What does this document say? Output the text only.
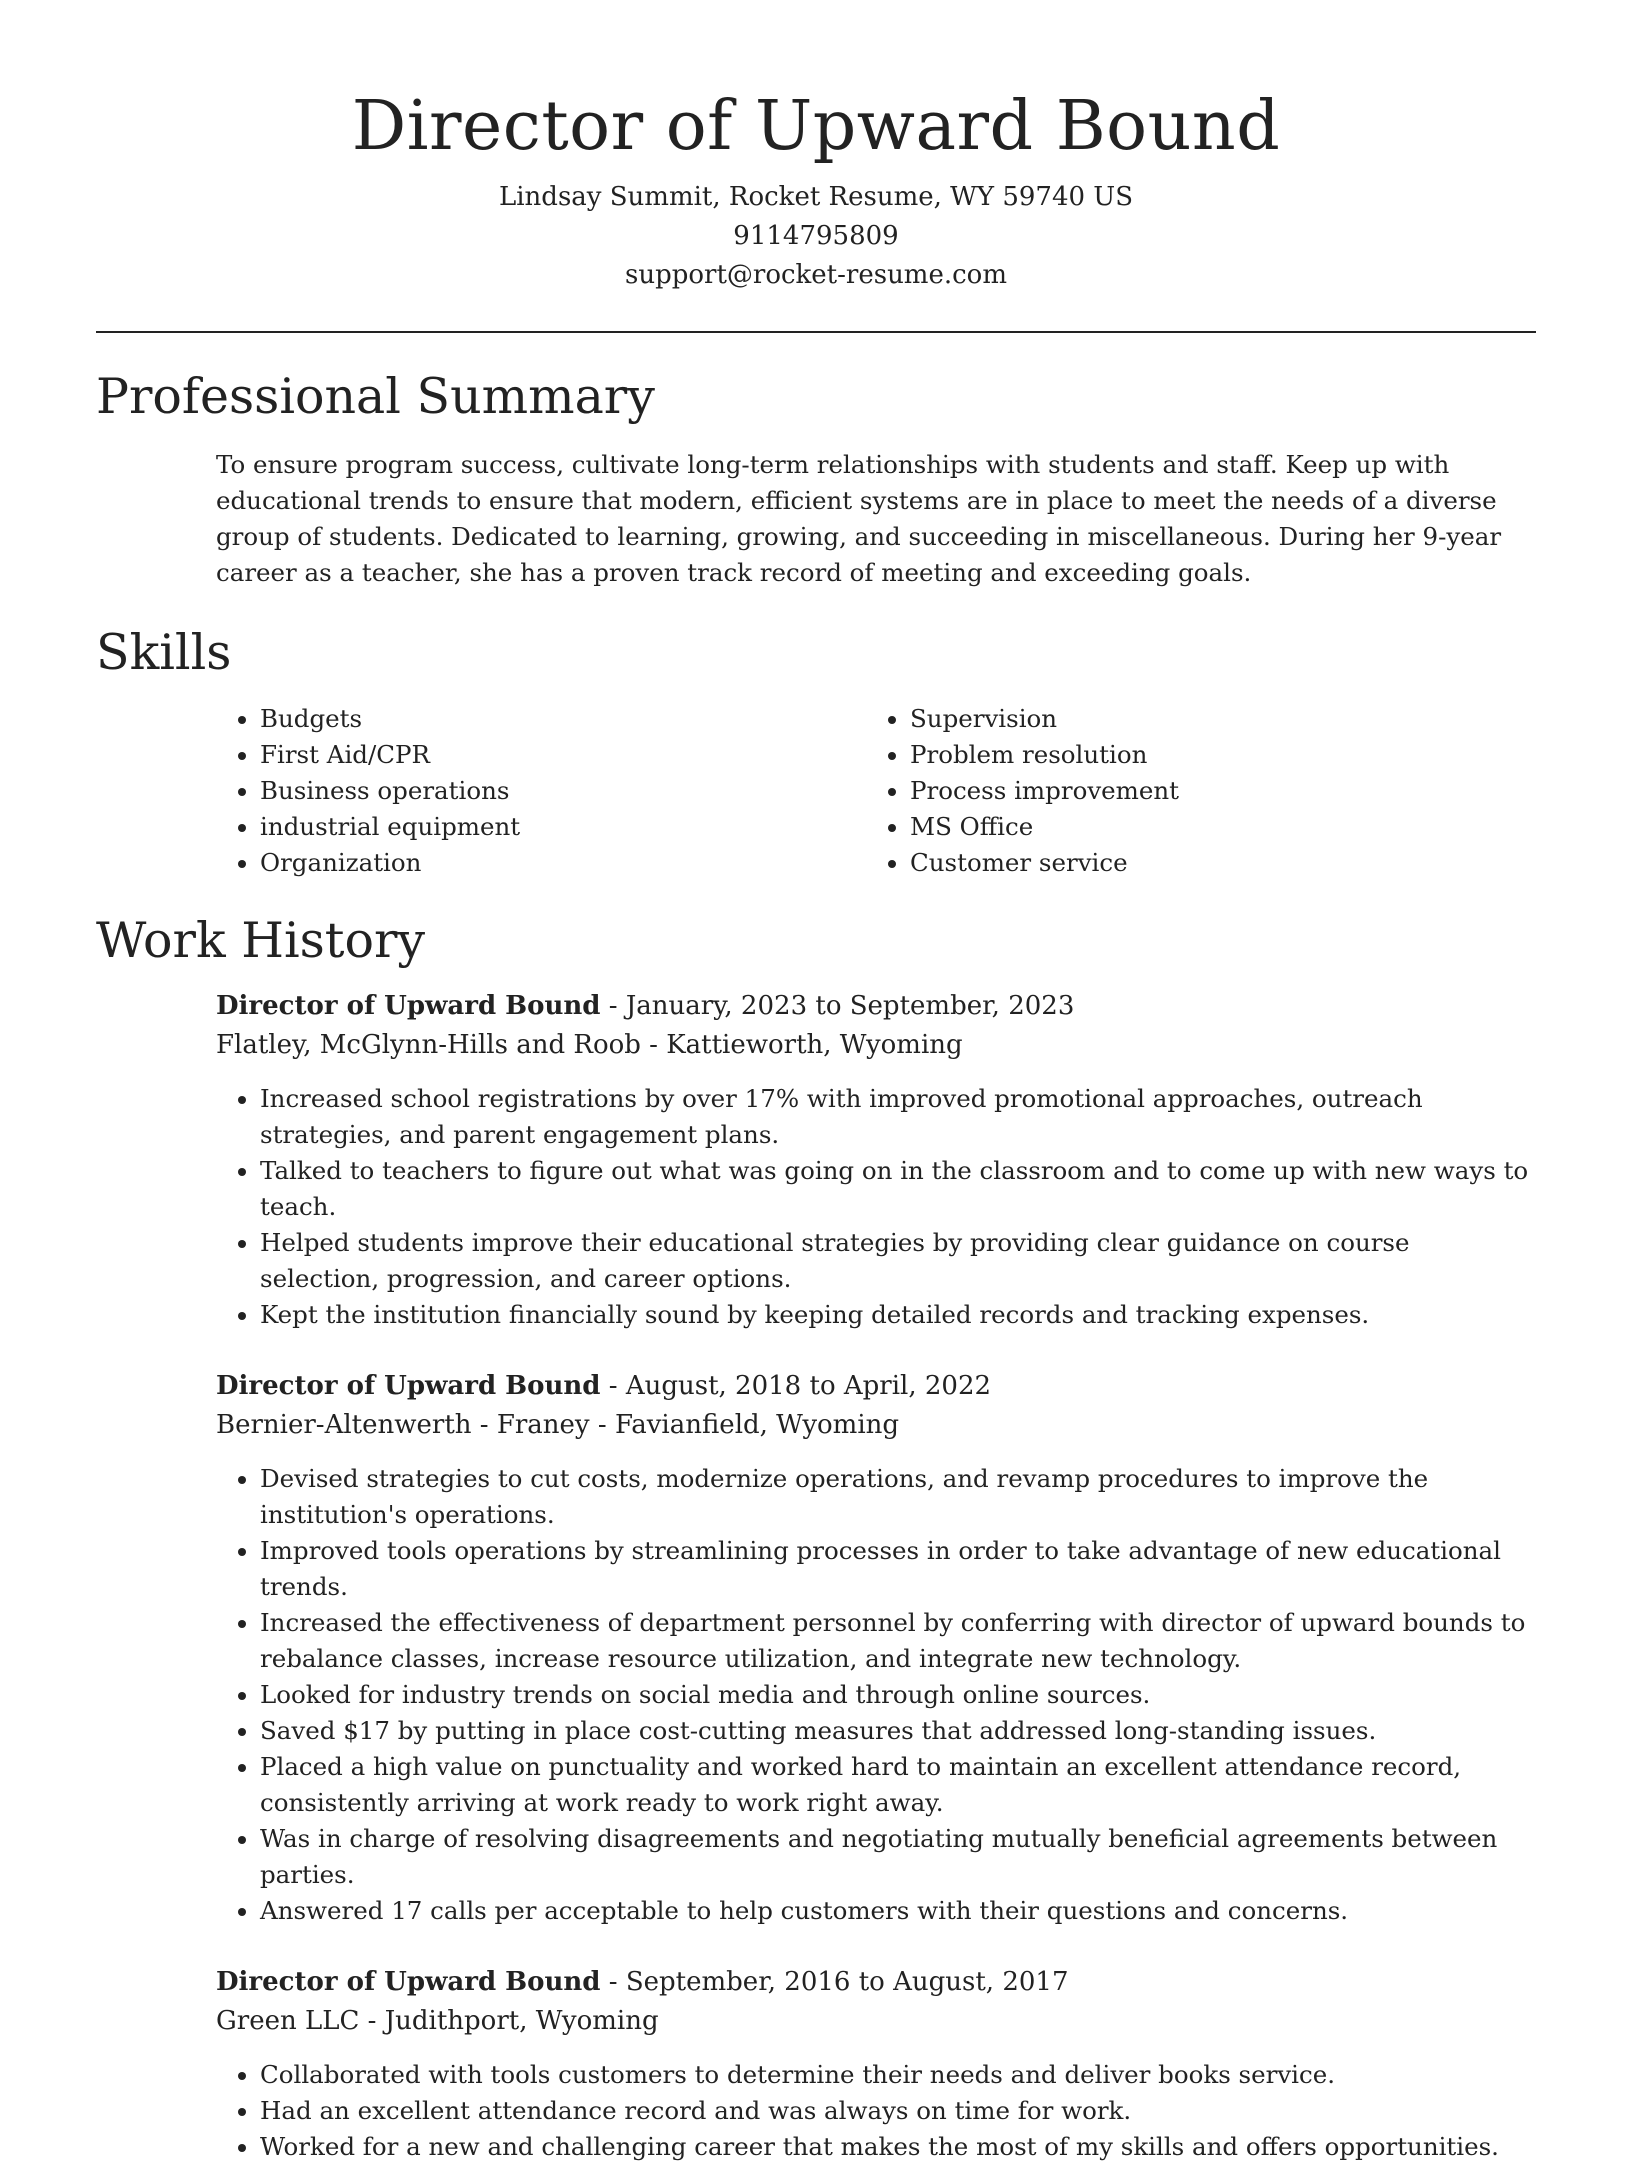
Director of Upward Bound
Lindsay Summit, Rocket Resume, WY 59740 US
9114795809
support@rocket-resume.com
Professional Summary

To ensure program success, cultivate long-term relationships with students and staff. Keep up with educational trends to ensure that modern, efficient systems are in place to meet the needs of a diverse group of students. Dedicated to learning, growing, and succeeding in miscellaneous. During her 9-year career as a teacher, she has a proven track record of meeting and exceeding goals.

Skills
• Budgets
• First Aid/CPR
• Business operations
• industrial equipment
• Organization
• Supervision
• Problem resolution
• Process improvement
• MS Office
• Customer service
Work History
Director of Upward Bound - January, 2023 to September, 2023
Flatley, McGlynn-Hills and Roob - Kattieworth, Wyoming
• Increased school registrations by over 17% with improved promotional approaches, outreach strategies, and parent engagement plans.
• Talked to teachers to figure out what was going on in the classroom and to come up with new ways to teach.
• Helped students improve their educational strategies by providing clear guidance on course selection, progression, and career options.
• Kept the institution financially sound by keeping detailed records and tracking expenses.
Director of Upward Bound - August, 2018 to April, 2022
Bernier-Altenwerth - Franey - Favianfield, Wyoming
• Devised strategies to cut costs, modernize operations, and revamp procedures to improve the institution's operations.
• Improved tools operations by streamlining processes in order to take advantage of new educational trends.
• Increased the effectiveness of department personnel by conferring with director of upward bounds to rebalance classes, increase resource utilization, and integrate new technology.
• Looked for industry trends on social media and through online sources.
• Saved $17 by putting in place cost-cutting measures that addressed long-standing issues.
• Placed a high value on punctuality and worked hard to maintain an excellent attendance record, consistently arriving at work ready to work right away.
• Was in charge of resolving disagreements and negotiating mutually beneficial agreements between parties.
• Answered 17 calls per acceptable to help customers with their questions and concerns.
Director of Upward Bound - September, 2016 to August, 2017
Green LLC - Judithport, Wyoming
• Collaborated with tools customers to determine their needs and deliver books service.
• Had an excellent attendance record and was always on time for work.
• Worked for a new and challenging career that makes the most of my skills and offers opportunities.
